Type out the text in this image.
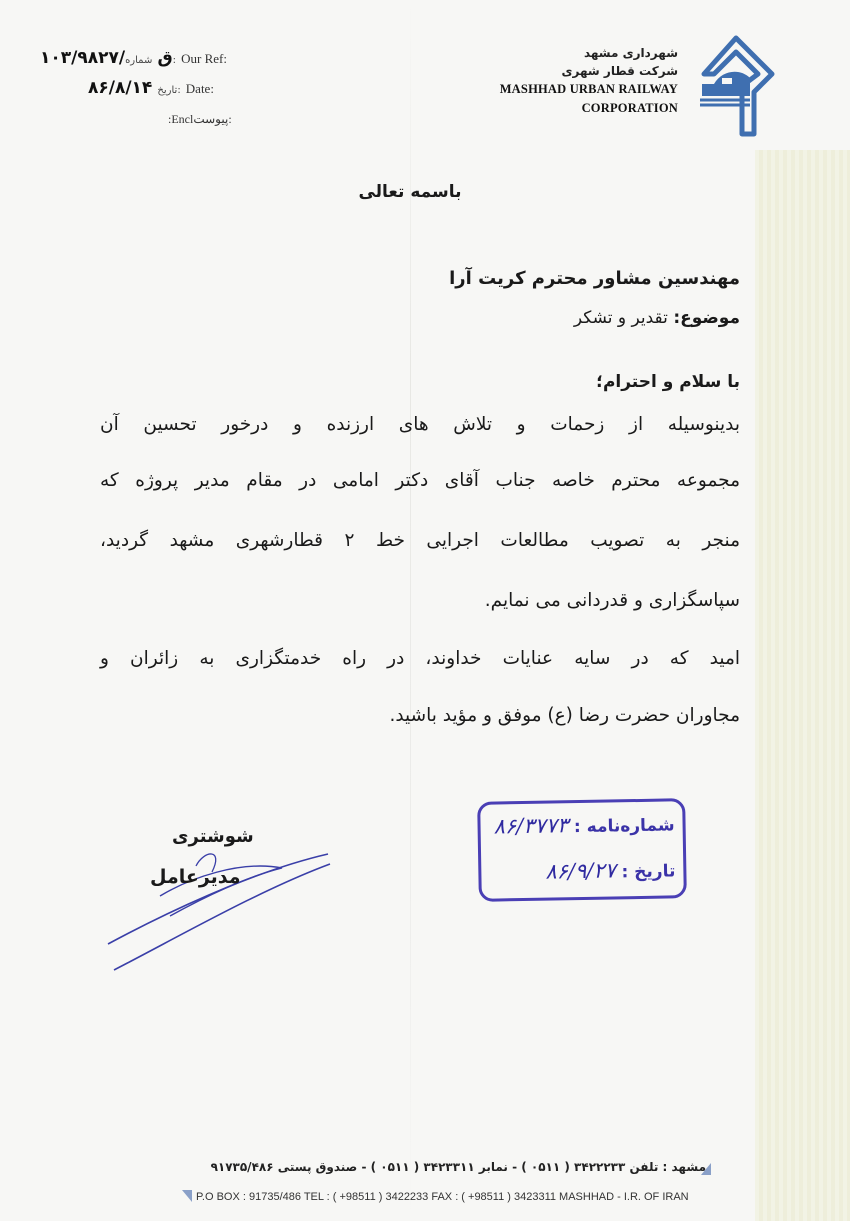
۱۰۳/۹۸۲۷/ق شماره: Our Ref:
۸۶/۸/۱۴ تاریخ: Date:
:Enclپیوست:
شهرداری مشهد
شرکت قطار شهری
MASHHAD URBAN RAILWAY
CORPORATION
باسمه تعالی
مهندسین مشاور محترم کریت آرا
موضوع: تقدیر و تشکر
با سلام و احترام؛
بدینوسیله از زحمات و تلاش های ارزنده و درخور تحسین آن
مجموعه محترم خاصه جناب آقای دکتر امامی در مقام مدیر پروژه که
منجر به تصویب مطالعات اجرایی خط ۲ قطارشهری مشهد گردید،
سپاسگزاری و قدردانی می نمایم.
امید که در سایه عنایات خداوند، در راه خدمتگزاری به زائران و
مجاوران حضرت رضا (ع) موفق و مؤید باشید.
شوشتری
مدیرعامل
شماره‌نامه : ۸۶/۳۷۷۳
تاریخ : ۸۶/۹/۲۷
مشهد : تلفن ۳۴۲۲۲۳۳ ( ۰۵۱۱ ) - نمابر ۳۴۲۳۳۱۱ ( ۰۵۱۱ ) - صندوق پستی ۹۱۷۳۵/۴۸۶
P.O BOX : 91735/486 TEL : ( +98511 ) 3422233 FAX : ( +98511 ) 3423311 MASHHAD - I.R. OF IRAN
